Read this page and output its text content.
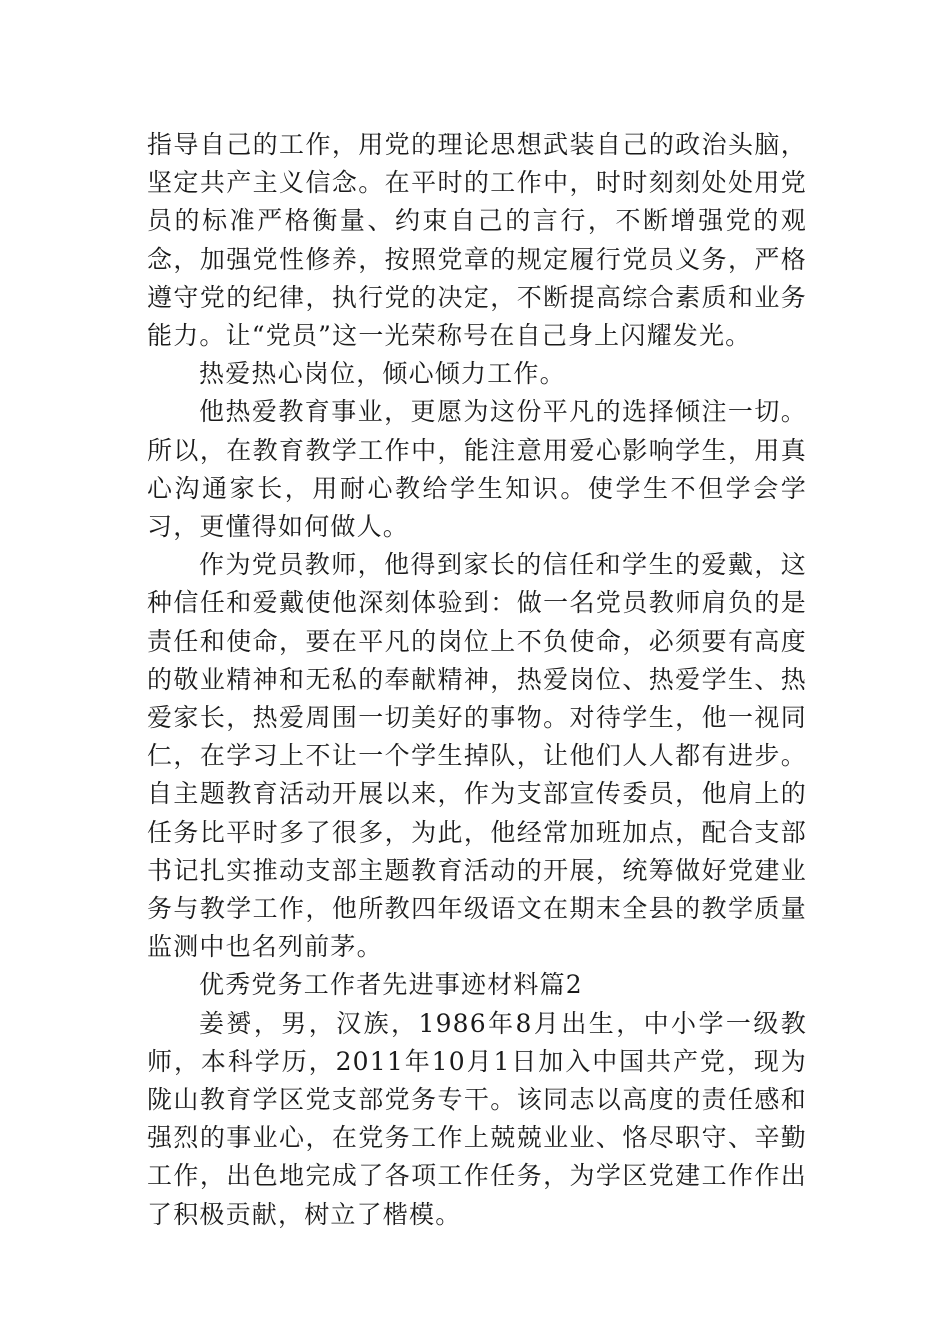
指导自己的工作，用党的理论思想武装自己的政治头脑，坚定共产主义信念。在平时的工作中，时时刻刻处处用党员的标准严格衡量、约束自己的言行，不断增强党的观念，加强党性修养，按照党章的规定履行党员义务，严格遵守党的纪律，执行党的决定，不断提高综合素质和业务能力。让“党员”这一光荣称号在自己身上闪耀发光。

热爱热心岗位，倾心倾力工作。

他热爱教育事业，更愿为这份平凡的选择倾注一切。所以，在教育教学工作中，能注意用爱心影响学生，用真心沟通家长，用耐心教给学生知识。使学生不但学会学习，更懂得如何做人。

作为党员教师，他得到家长的信任和学生的爱戴，这种信任和爱戴使他深刻体验到：做一名党员教师肩负的是责任和使命，要在平凡的岗位上不负使命，必须要有高度的敬业精神和无私的奉献精神，热爱岗位、热爱学生、热爱家长，热爱周围一切美好的事物。对待学生，他一视同仁，在学习上不让一个学生掉队，让他们人人都有进步。自主题教育活动开展以来，作为支部宣传委员，他肩上的任务比平时多了很多，为此，他经常加班加点，配合支部书记扎实推动支部主题教育活动的开展，统筹做好党建业务与教学工作，他所教四年级语文在期末全县的教学质量监测中也名列前茅。

优秀党务工作者先进事迹材料篇2

姜赟，男，汉族，1986年8月出生，中小学一级教师，本科学历，2011年10月1日加入中国共产党，现为陇山教育学区党支部党务专干。该同志以高度的责任感和强烈的事业心，在党务工作上兢兢业业、恪尽职守、辛勤工作，出色地完成了各项工作任务，为学区党建工作作出了积极贡献，树立了楷模。
